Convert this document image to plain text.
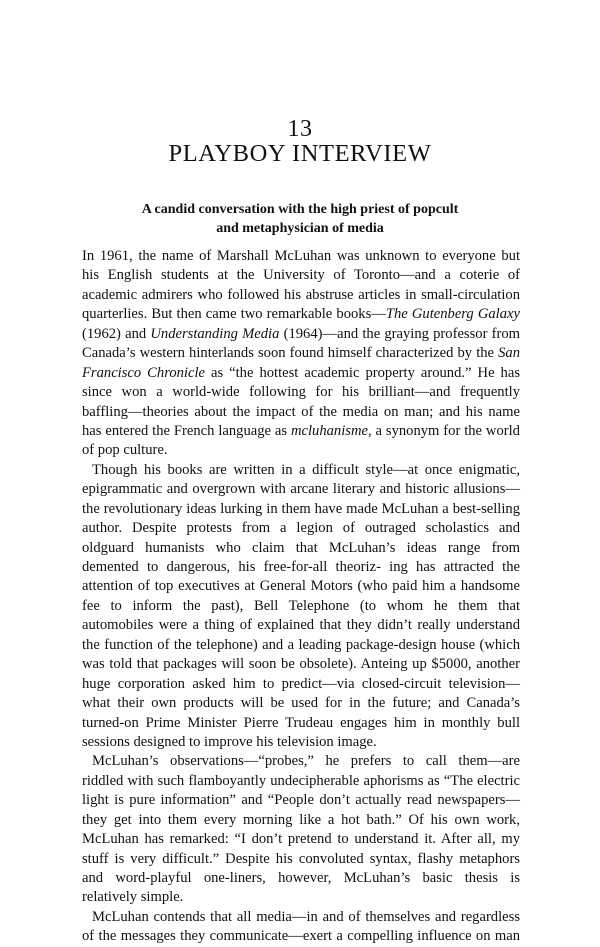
13
PLAYBOY INTERVIEW
A candid conversation with the high priest of popcult
and metaphysician of media
In 1961, the name of Marshall McLuhan was unknown to everyone but
his English students at the University of Toronto—and a coterie of
academic admirers who followed his abstruse articles in small-circulation
quarterlies. But then came two remarkable books—The Gutenberg Galaxy
(1962) and Understanding Media (1964)—and the graying professor from
Canada’s western hinterlands soon found himself characterized by the San
Francisco Chronicle as “the hottest academic property around.” He has
since won a world-wide following for his brilliant—and frequently
baffling—theories about the impact of the media on man; and his name
has entered the French language as mcluhanisme, a synonym for the world
of pop culture.
Though his books are written in a difficult style—at once enigmatic,
epigrammatic and overgrown with arcane literary and historic allusions—
the revolutionary ideas lurking in them have made McLuhan a best-selling
author. Despite protests from a legion of outraged scholastics and
oldguard humanists who claim that McLuhan’s ideas range from
demented to dangerous, his free-for-all theoriz- ing has attracted the
attention of top executives at General Motors (who paid him a handsome
fee to inform the past), Bell Telephone (to whom he them that
automobiles were a thing of explained that they didn’t really understand
the function of the telephone) and a leading package-design house (which
was told that packages will soon be obsolete). Anteing up $5000, another
huge corporation asked him to predict—via closed-circuit television—
what their own products will be used for in the future; and Canada’s
turned-on Prime Minister Pierre Trudeau engages him in monthly bull
sessions designed to improve his television image.
McLuhan’s observations—“probes,” he prefers to call them—are
riddled with such flamboyantly undecipherable aphorisms as “The electric
light is pure information” and “People don’t actually read newspapers—
they get into them every morning like a hot bath.” Of his own work,
McLuhan has remarked: “I don’t pretend to understand it. After all, my
stuff is very difficult.” Despite his convoluted syntax, flashy metaphors
and word-playful one-liners, however, McLuhan’s basic thesis is
relatively simple.
McLuhan contends that all media—in and of themselves and regardless
of the messages they communicate—exert a compelling influence on man
